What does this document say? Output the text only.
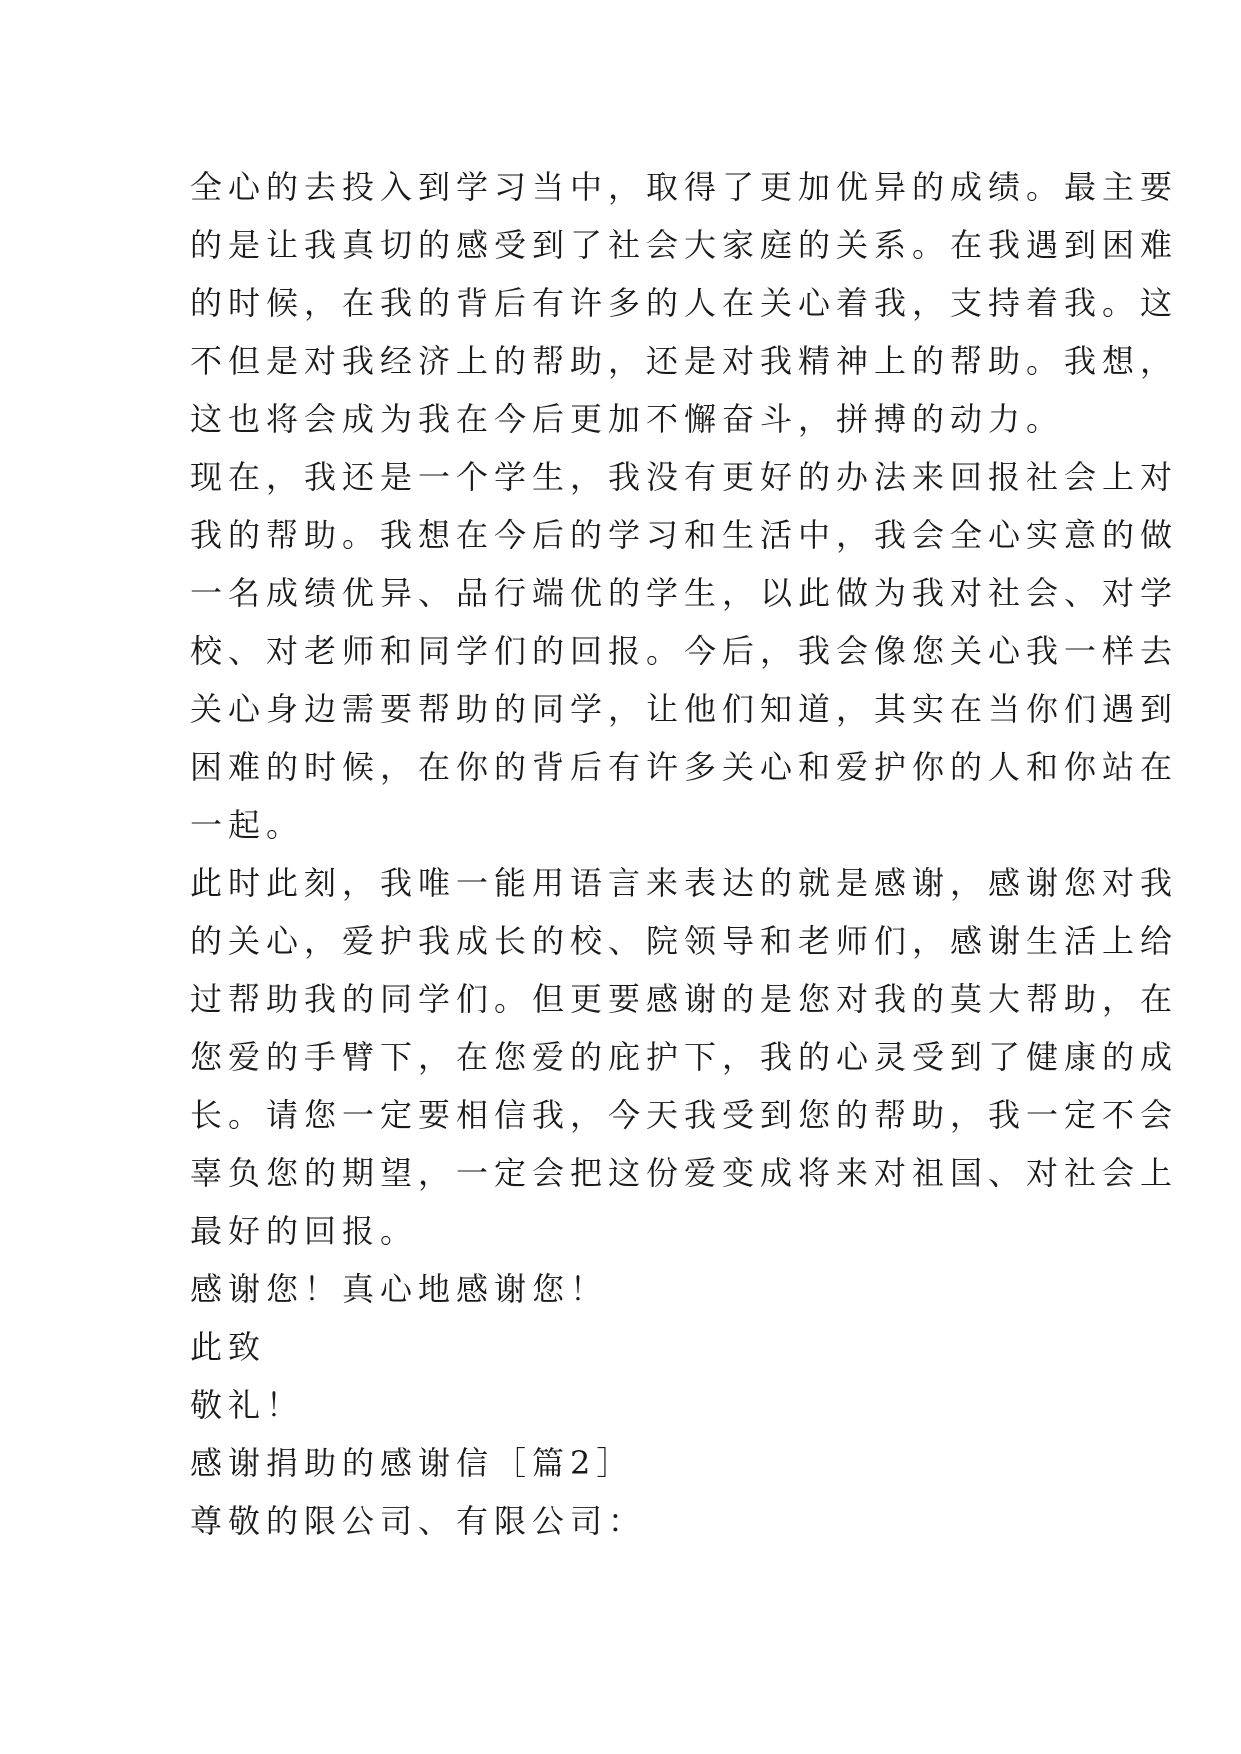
全心的去投入到学习当中，取得了更加优异的成绩。最主要
的是让我真切的感受到了社会大家庭的关系。在我遇到困难
的时候，在我的背后有许多的人在关心着我，支持着我。这
不但是对我经济上的帮助，还是对我精神上的帮助。我想，
这也将会成为我在今后更加不懈奋斗，拼搏的动力。
现在，我还是一个学生，我没有更好的办法来回报社会上对
我的帮助。我想在今后的学习和生活中，我会全心实意的做
一名成绩优异、品行端优的学生，以此做为我对社会、对学
校、对老师和同学们的回报。今后，我会像您关心我一样去
关心身边需要帮助的同学，让他们知道，其实在当你们遇到
困难的时候，在你的背后有许多关心和爱护你的人和你站在
一起。
此时此刻，我唯一能用语言来表达的就是感谢，感谢您对我
的关心，爱护我成长的校、院领导和老师们，感谢生活上给
过帮助我的同学们。但更要感谢的是您对我的莫大帮助，在
您爱的手臂下，在您爱的庇护下，我的心灵受到了健康的成
长。请您一定要相信我，今天我受到您的帮助，我一定不会
辜负您的期望，一定会把这份爱变成将来对祖国、对社会上
最好的回报。
感谢您！真心地感谢您！
此致
敬礼！
感谢捐助的感谢信［篇2］
尊敬的限公司、有限公司：
